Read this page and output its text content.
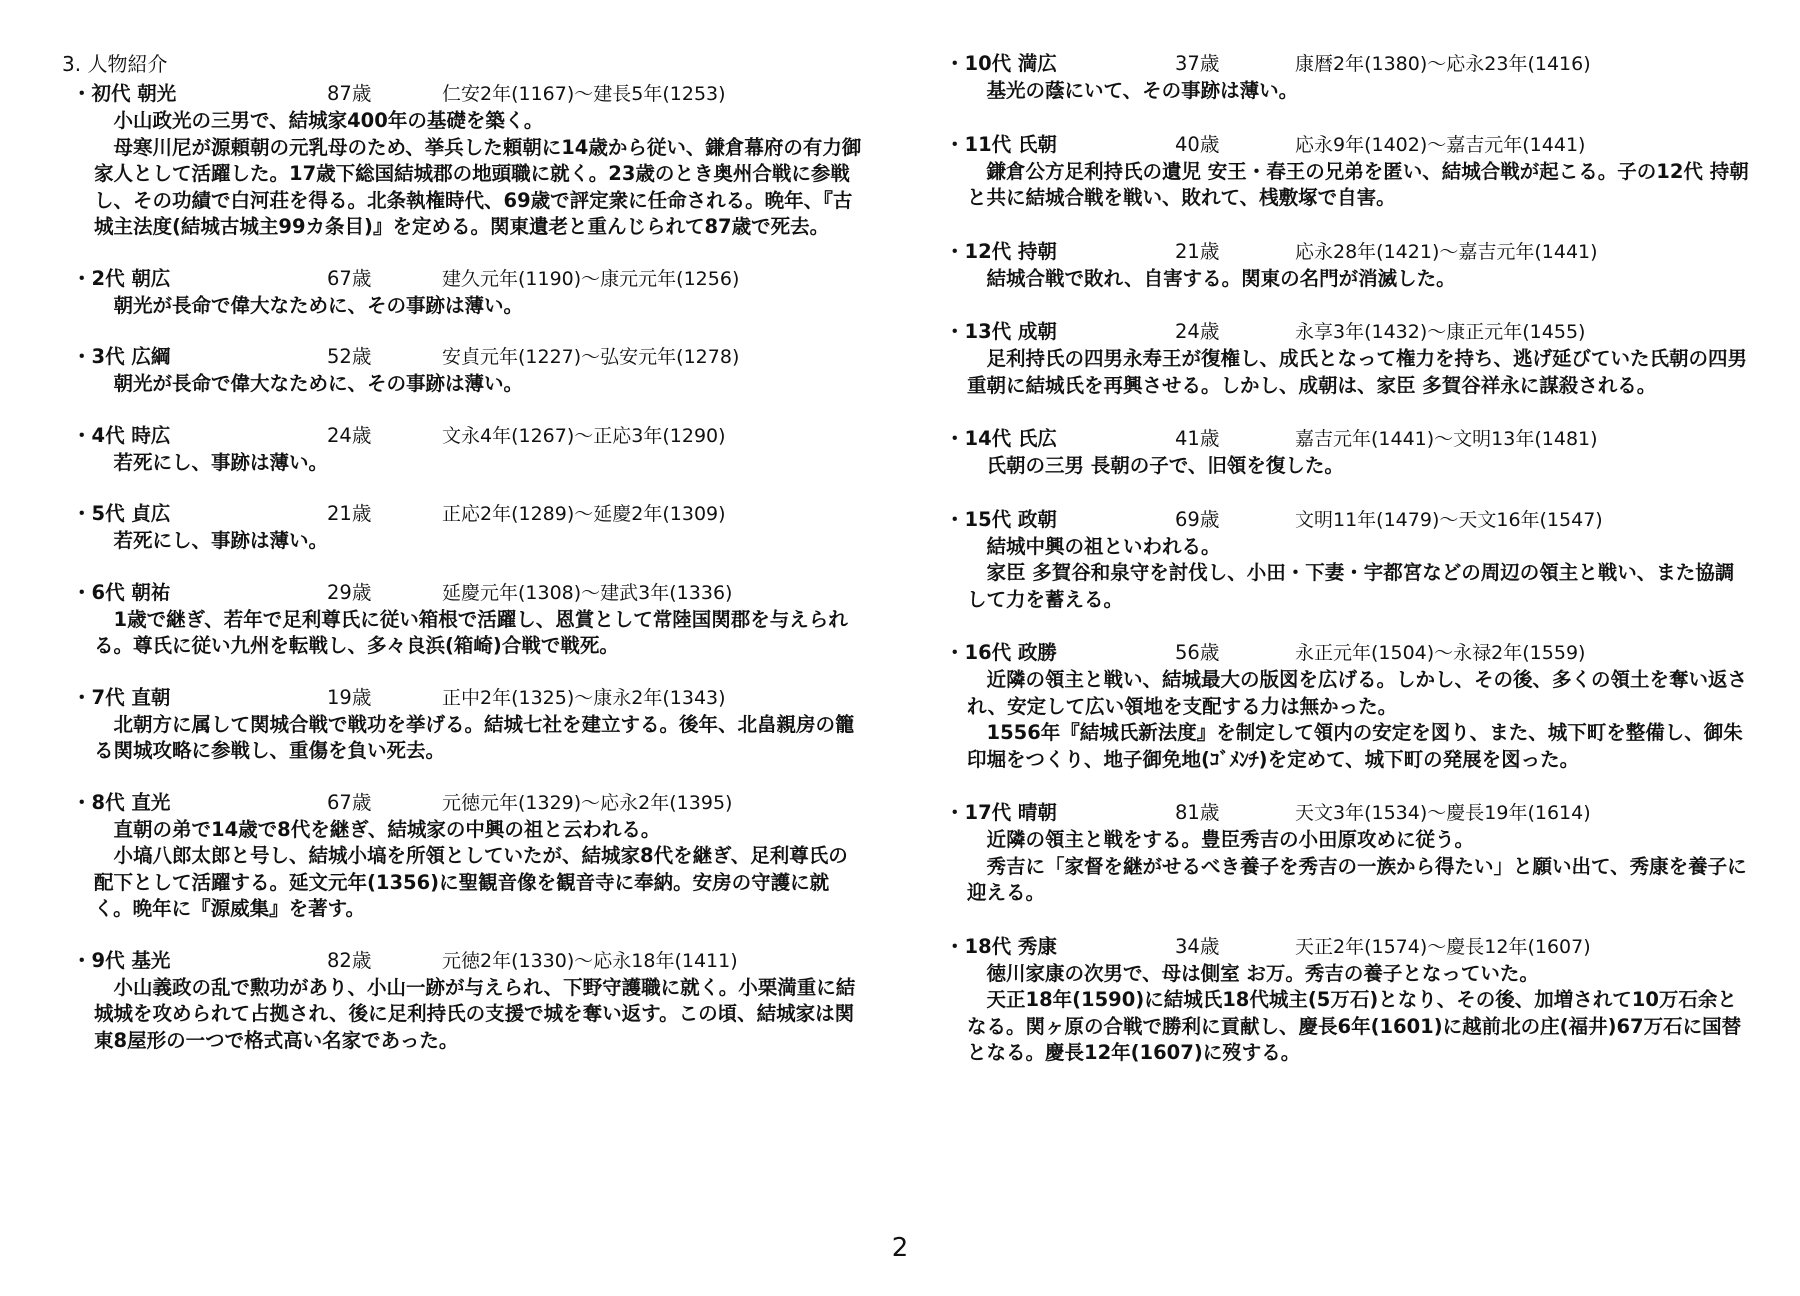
3. 人物紹介
・初代 朝光	87歳	仁安2年(1167)～建長5年(1253)

小山政光の三男で、結城家400年の基礎を築く。

母寒川尼が源頼朝の元乳母のため、挙兵した頼朝に14歳から従い、鎌倉幕府の有力御家人として活躍した。17歳下総国結城郡の地頭職に就く。23歳のとき奥州合戦に参戦し、その功績で白河荘を得る。北条執権時代、69歳で評定衆に任命される。晩年、『古城主法度(結城古城主99カ条目)』を定める。関東遺老と重んじられて87歳で死去。

・2代 朝広	67歳	建久元年(1190)～康元元年(1256)

朝光が長命で偉大なために、その事跡は薄い。

・3代 広綱	52歳	安貞元年(1227)～弘安元年(1278)

朝光が長命で偉大なために、その事跡は薄い。

・4代 時広	24歳	文永4年(1267)～正応3年(1290)

若死にし、事跡は薄い。

・5代 貞広	21歳	正応2年(1289)～延慶2年(1309)

若死にし、事跡は薄い。

・6代 朝祐	29歳	延慶元年(1308)～建武3年(1336)

1歳で継ぎ、若年で足利尊氏に従い箱根で活躍し、恩賞として常陸国関郡を与えられる。尊氏に従い九州を転戦し、多々良浜(箱崎)合戦で戦死。

・7代 直朝	19歳	正中2年(1325)～康永2年(1343)

北朝方に属して関城合戦で戦功を挙げる。結城七社を建立する。後年、北畠親房の籠る関城攻略に参戦し、重傷を負い死去。

・8代 直光	67歳	元徳元年(1329)～応永2年(1395)

直朝の弟で14歳で8代を継ぎ、結城家の中興の祖と云われる。

小塙八郎太郎と号し、結城小塙を所領としていたが、結城家8代を継ぎ、足利尊氏の配下として活躍する。延文元年(1356)に聖観音像を観音寺に奉納。安房の守護に就く。晩年に『源威集』を著す。

・9代 基光	82歳	元徳2年(1330)～応永18年(1411)

小山義政の乱で勲功があり、小山一跡が与えられ、下野守護職に就く。小栗満重に結城城を攻められて占拠され、後に足利持氏の支援で城を奪い返す。この頃、結城家は関東8屋形の一つで格式高い名家であった。

・10代 満広	37歳	康暦2年(1380)～応永23年(1416)

基光の蔭にいて、その事跡は薄い。

・11代 氏朝	40歳	応永9年(1402)～嘉吉元年(1441)

鎌倉公方足利持氏の遺児 安王・春王の兄弟を匿い、結城合戦が起こる。子の12代 持朝と共に結城合戦を戦い、敗れて、桟敷塚で自害。

・12代 持朝	21歳	応永28年(1421)～嘉吉元年(1441)

結城合戦で敗れ、自害する。関東の名門が消滅した。

・13代 成朝	24歳	永享3年(1432)～康正元年(1455)

足利持氏の四男永寿王が復権し、成氏となって権力を持ち、逃げ延びていた氏朝の四男重朝に結城氏を再興させる。しかし、成朝は、家臣 多賀谷祥永に謀殺される。

・14代 氏広	41歳	嘉吉元年(1441)～文明13年(1481)

氏朝の三男 長朝の子で、旧領を復した。

・15代 政朝	69歳	文明11年(1479)～天文16年(1547)

結城中興の祖といわれる。

家臣 多賀谷和泉守を討伐し、小田・下妻・宇都宮などの周辺の領主と戦い、また協調して力を蓄える。

・16代 政勝	56歳	永正元年(1504)～永禄2年(1559)

近隣の領主と戦い、結城最大の版図を広げる。しかし、その後、多くの領土を奪い返され、安定して広い領地を支配する力は無かった。

1556年『結城氏新法度』を制定して領内の安定を図り、また、城下町を整備し、御朱印堀をつくり、地子御免地(ｺﾞﾒﾝﾁ)を定めて、城下町の発展を図った。

・17代 晴朝	81歳	天文3年(1534)～慶長19年(1614)

近隣の領主と戦をする。豊臣秀吉の小田原攻めに従う。

秀吉に「家督を継がせるべき養子を秀吉の一族から得たい」と願い出て、秀康を養子に迎える。

・18代 秀康	34歳	天正2年(1574)～慶長12年(1607)

徳川家康の次男で、母は側室 お万。秀吉の養子となっていた。

天正18年(1590)に結城氏18代城主(5万石)となり、その後、加増されて10万石余となる。関ヶ原の合戦で勝利に貢献し、慶長6年(1601)に越前北の庄(福井)67万石に国替となる。慶長12年(1607)に歿する。

2
